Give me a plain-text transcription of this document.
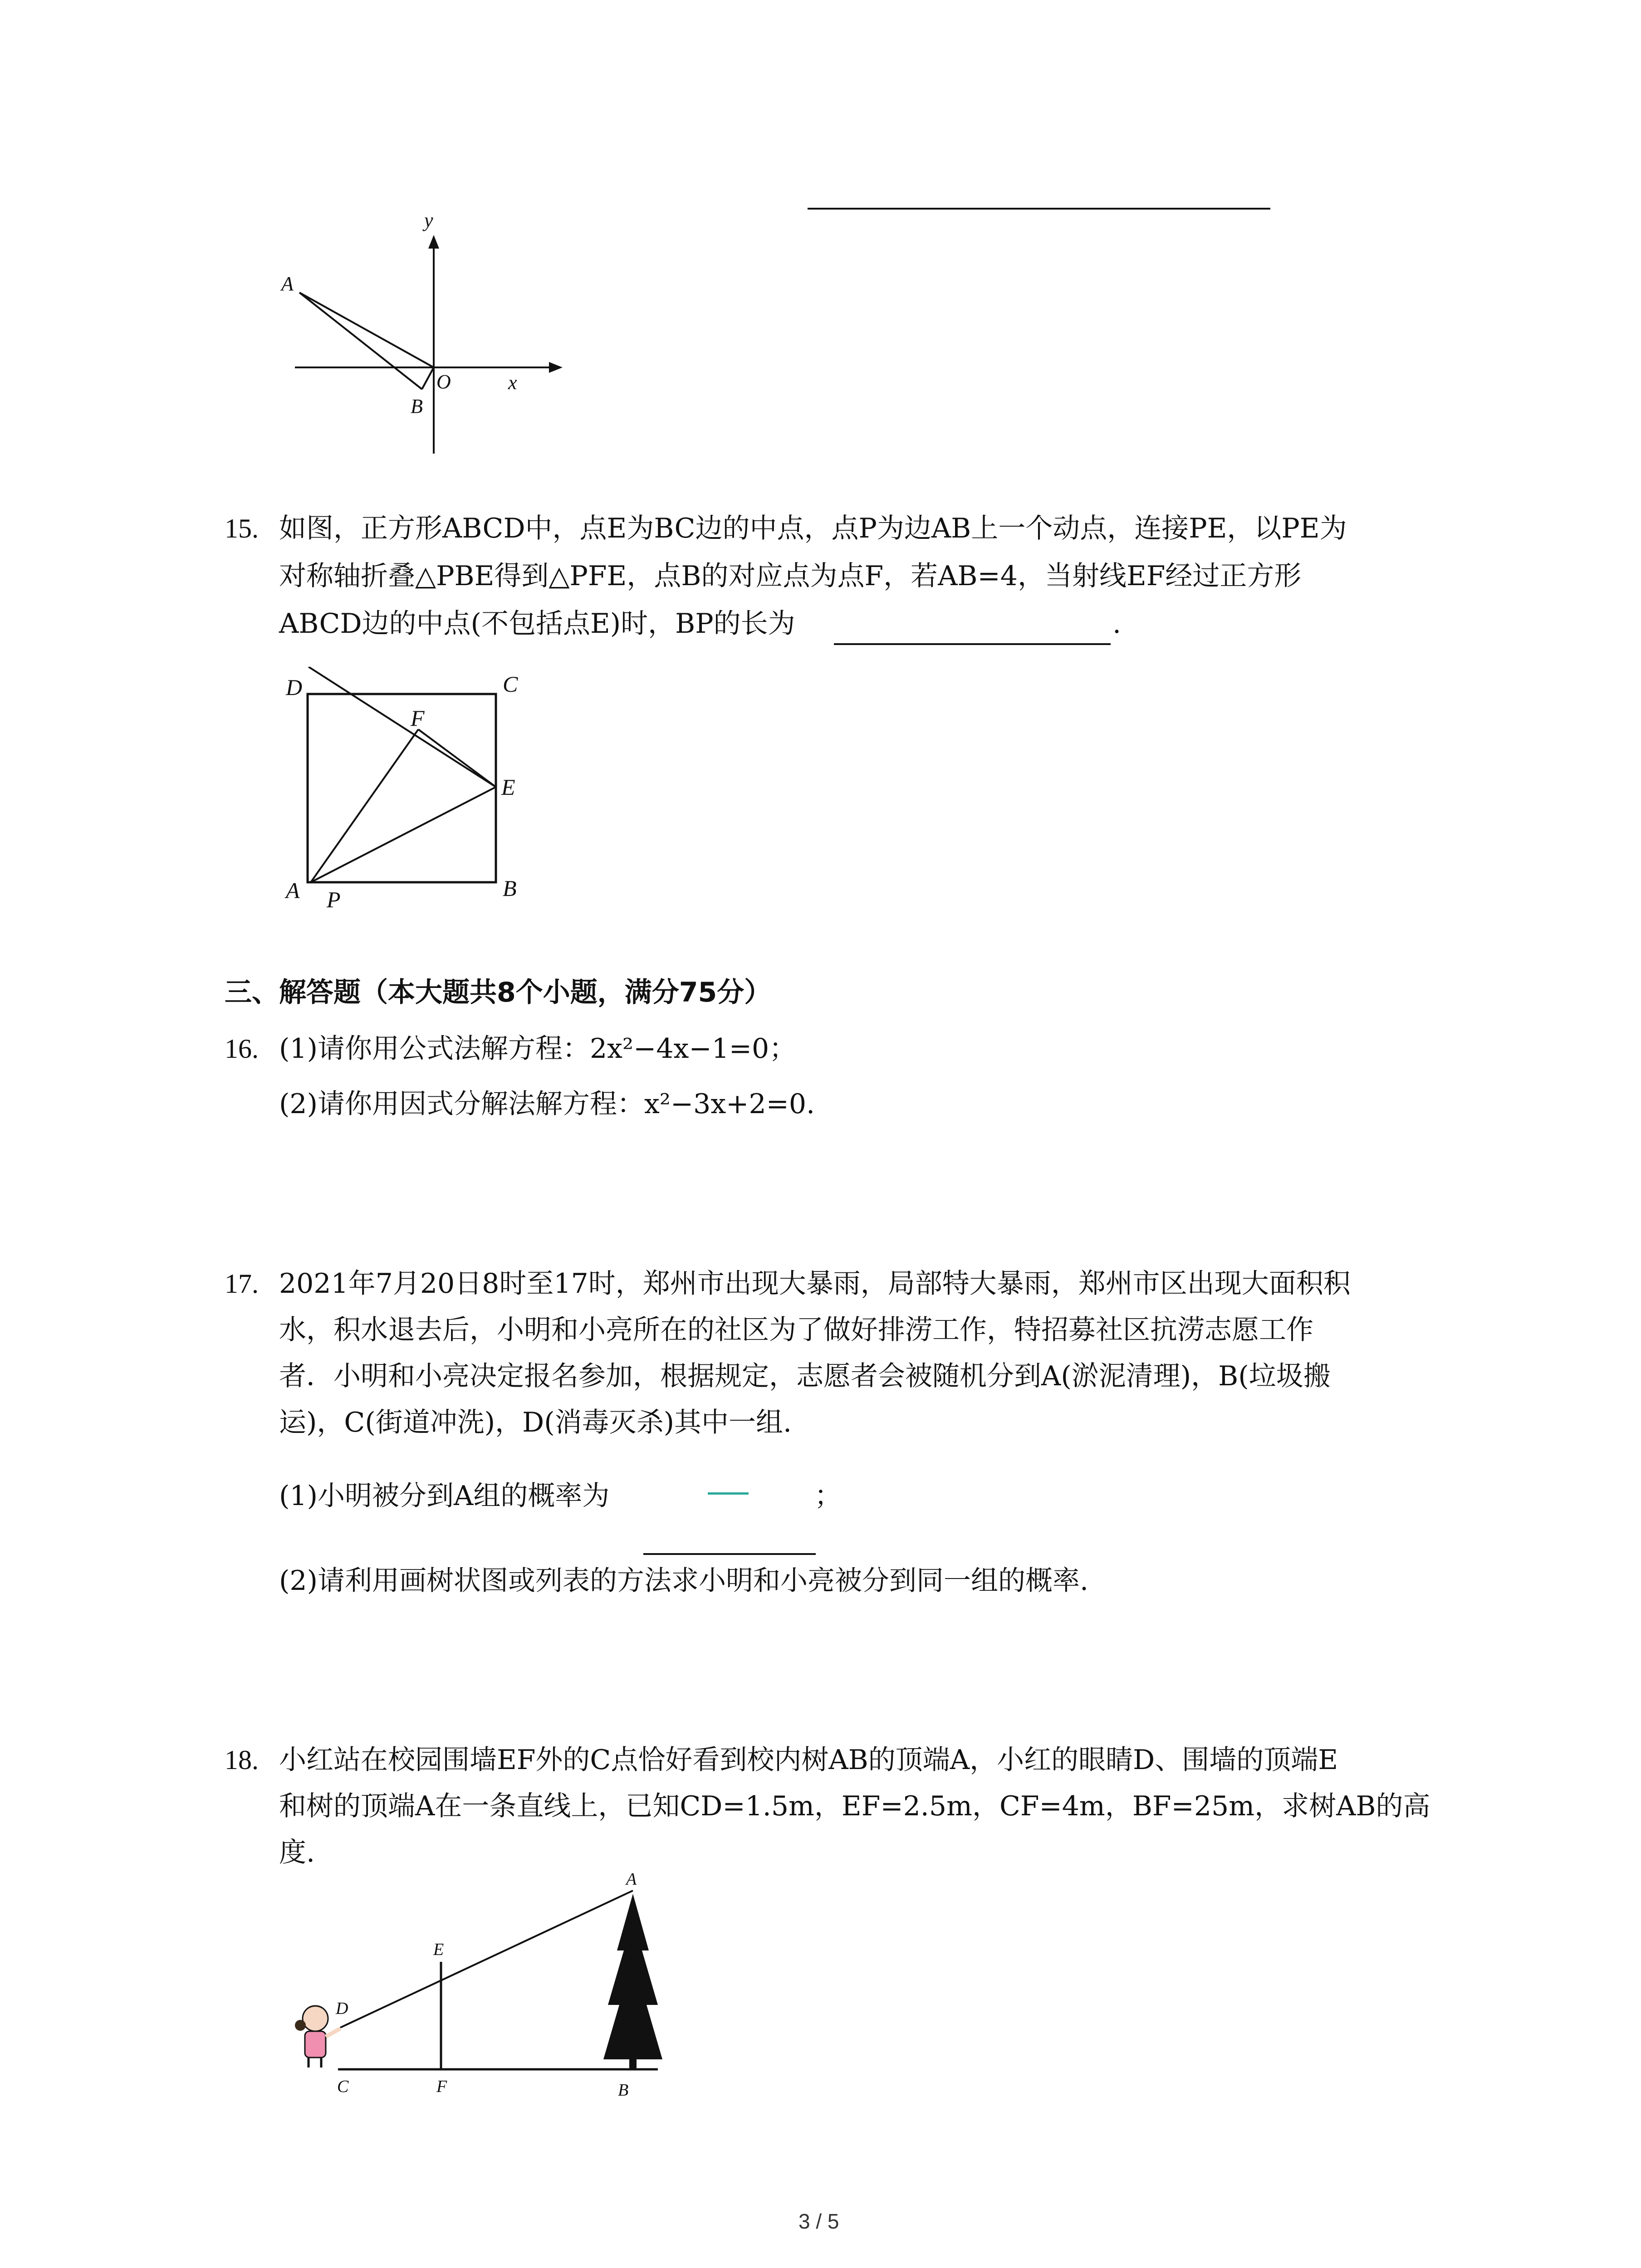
y
x
O
A
B
15. 如图，正方形ABCD中，点E为BC边的中点，点P为边AB上一个动点，连接PE，以PE为
对称轴折叠△PBE得到△PFE，点B的对应点为点F，若AB=4，当射线EF经过正方形
ABCD边的中点(不包括点E)时，BP的长为	.
D	C
F
E
A P	B
三、解答题（本大题共8个小题，满分75分）
16. (1)请你用公式法解方程：2x²−4x−1=0；
(2)请你用因式分解法解方程：x²−3x+2=0.
17. 2021年7月20日8时至17时，郑州市出现大暴雨，局部特大暴雨，郑州市区出现大面积积
水，积水退去后，小明和小亮所在的社区为了做好排涝工作，特招募社区抗涝志愿工作
者．小明和小亮决定报名参加，根据规定，志愿者会被随机分到A(淤泥清理)，B(垃圾搬
运)，C(街道冲洗)，D(消毒灭杀)其中一组.
(1)小明被分到A组的概率为	；
(2)请利用画树状图或列表的方法求小明和小亮被分到同一组的概率.
18. 小红站在校园围墙EF外的C点恰好看到校内树AB的顶端A，小红的眼睛D、围墙的顶端E
和树的顶端A在一条直线上，已知CD=1.5m，EF=2.5m，CF=4m，BF=25m，求树AB的高
度.
A
E
D
C	F	B
3 / 5
